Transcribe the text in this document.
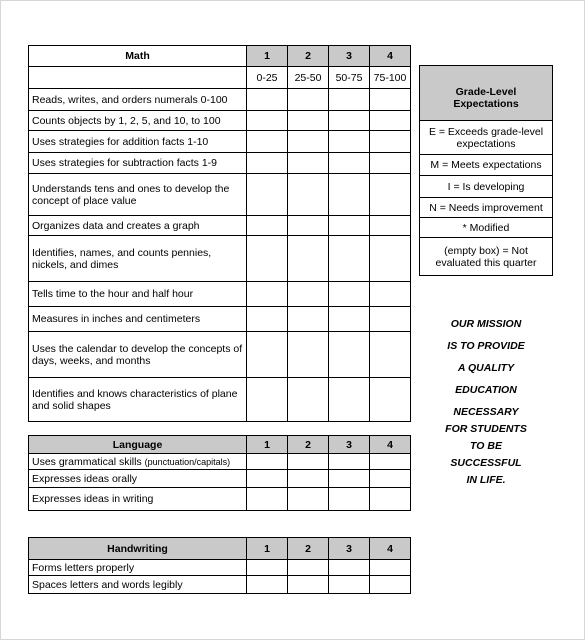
Math	1	2	3	4
	0-25	25-50	50-75	75-100
Reads, writes, and orders numerals 0-100				
Counts objects by 1, 2, 5, and 10, to 100				
Uses strategies for addition facts 1-10				
Uses strategies for subtraction facts 1-9				
Understands tens and ones to develop the concept of place value				
Organizes data and creates a graph				
Identifies, names, and counts pennies, nickels, and dimes				
Tells time to the hour and half hour				
Measures in inches and centimeters				
Uses the calendar to develop the concepts of days, weeks, and months				
Identifies and knows characteristics of plane and solid shapes				
Language	1	2	3	4
Uses grammatical skills (punctuation/capitals)				
Expresses ideas orally				
Expresses ideas in writing				
Handwriting	1	2	3	4
Forms letters properly				
Spaces letters and words legibly				
Grade-Level Expectations
E = Exceeds grade-level expectations
M = Meets expectations
I = Is developing
N = Needs improvement
* Modified
(empty box) = Not evaluated this quarter
OUR MISSION
IS TO PROVIDE
A QUALITY
EDUCATION
NECESSARY
FOR STUDENTS
TO BE
SUCCESSFUL
IN LIFE.
